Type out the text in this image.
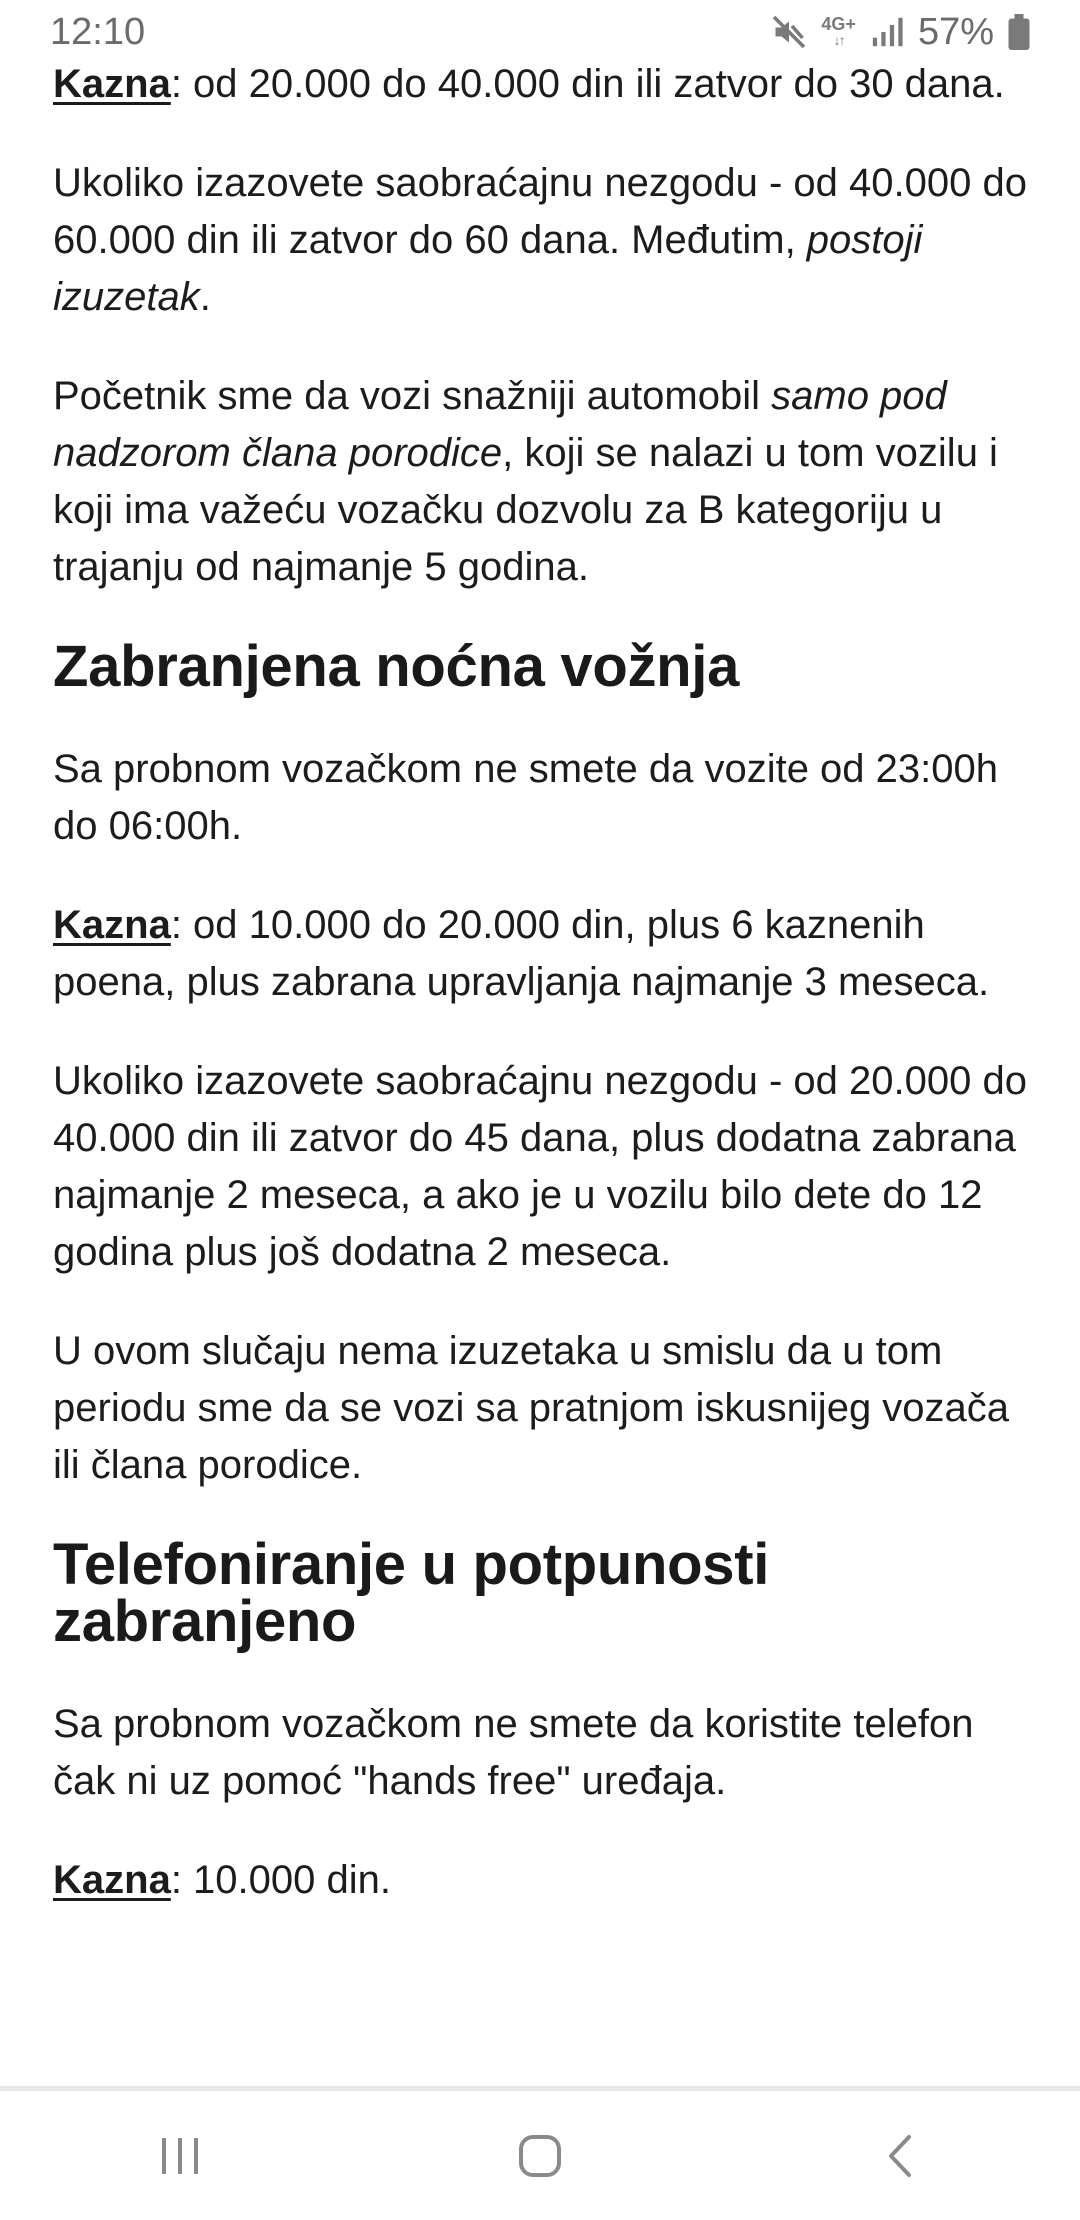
12:10	4G+
↓↑ 57%

Kazna: od 20.000 do 40.000 din ili zatvor do 30 dana.

Ukoliko izazovete saobraćajnu nezgodu - od 40.000 do 60.000 din ili zatvor do 60 dana. Međutim, postoji izuzetak.

Početnik sme da vozi snažniji automobil samo pod nadzorom člana porodice, koji se nalazi u tom vozilu i koji ima važeću vozačku dozvolu za B kategoriju u trajanju od najmanje 5 godina.

Zabranjena noćna vožnja

Sa probnom vozačkom ne smete da vozite od 23:00h do 06:00h.

Kazna: od 10.000 do 20.000 din, plus 6 kaznenih poena, plus zabrana upravljanja najmanje 3 meseca.

Ukoliko izazovete saobraćajnu nezgodu - od 20.000 do 40.000 din ili zatvor do 45 dana, plus dodatna zabrana najmanje 2 meseca, a ako je u vozilu bilo dete do 12 godina plus još dodatna 2 meseca.

U ovom slučaju nema izuzetaka u smislu da u tom periodu sme da se vozi sa pratnjom iskusnijeg vozača ili člana porodice.

Telefoniranje u potpunosti zabranjeno

Sa probnom vozačkom ne smete da koristite telefon čak ni uz pomoć "hands free" uređaja.

Kazna: 10.000 din.
